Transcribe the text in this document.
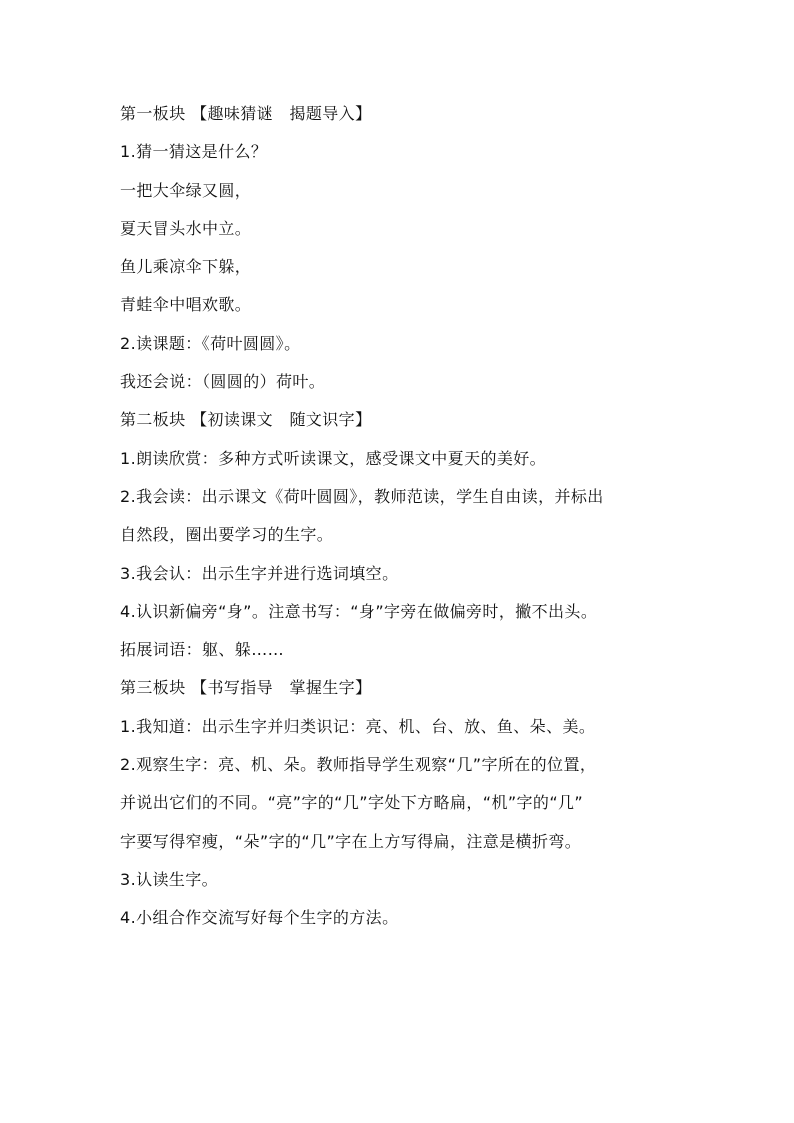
第一板块 【趣味猜谜　揭题导入】
1.猜一猜这是什么？
一把大伞绿又圆，
夏天冒头水中立。
鱼儿乘凉伞下躲，
青蛙伞中唱欢歌。
2.读课题：《荷叶圆圆》。
我还会说：（圆圆的）荷叶。
第二板块 【初读课文　随文识字】
1.朗读欣赏：多种方式听读课文，感受课文中夏天的美好。
2.我会读：出示课文《荷叶圆圆》，教师范读，学生自由读，并标出
自然段，圈出要学习的生字。
3.我会认：出示生字并进行选词填空。
4.认识新偏旁“身”。注意书写：“身”字旁在做偏旁时，撇不出头。
拓展词语：躯、躲……
第三板块 【书写指导　掌握生字】
1.我知道：出示生字并归类识记：亮、机、台、放、鱼、朵、美。
2.观察生字：亮、机、朵。教师指导学生观察“几”字所在的位置，
并说出它们的不同。“亮”字的“几”字处下方略扁，“机”字的“几”
字要写得窄瘦，“朵”字的“几”字在上方写得扁，注意是横折弯。
3.认读生字。
4.小组合作交流写好每个生字的方法。
